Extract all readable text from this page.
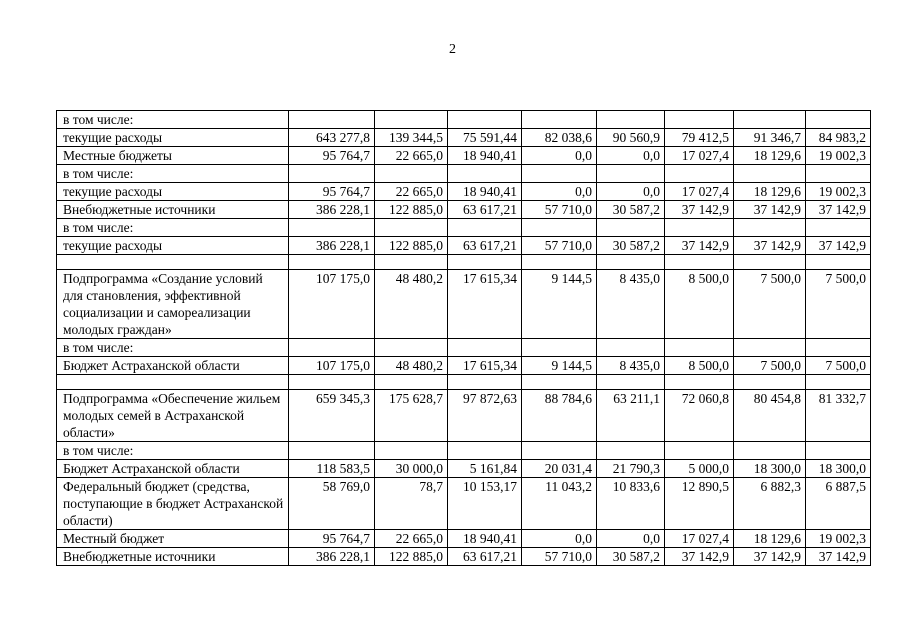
2
в том числе:								
текущие расходы	643 277,8	139 344,5	75 591,44	82 038,6	90 560,9	79 412,5	91 346,7	84 983,2
Местные бюджеты	95 764,7	22 665,0	18 940,41	0,0	0,0	17 027,4	18 129,6	19 002,3
в том числе:								
текущие расходы	95 764,7	22 665,0	18 940,41	0,0	0,0	17 027,4	18 129,6	19 002,3
Внебюджетные источники	386 228,1	122 885,0	63 617,21	57 710,0	30 587,2	37 142,9	37 142,9	37 142,9
в том числе:								
текущие расходы	386 228,1	122 885,0	63 617,21	57 710,0	30 587,2	37 142,9	37 142,9	37 142,9

Подпрограмма «Создание условий для становления, эффективной социализации и самореализации молодых граждан»	107 175,0	48 480,2	17 615,34	9 144,5	8 435,0	8 500,0	7 500,0	7 500,0
в том числе:								
Бюджет Астраханской области	107 175,0	48 480,2	17 615,34	9 144,5	8 435,0	8 500,0	7 500,0	7 500,0

Подпрограмма «Обеспечение жильем молодых семей в Астраханской области»	659 345,3	175 628,7	97 872,63	88 784,6	63 211,1	72 060,8	80 454,8	81 332,7
в том числе:								
Бюджет Астраханской области	118 583,5	30 000,0	5 161,84	20 031,4	21 790,3	5 000,0	18 300,0	18 300,0
Федеральный бюджет (средства, поступающие в бюджет Астраханской области)	58 769,0	78,7	10 153,17	11 043,2	10 833,6	12 890,5	6 882,3	6 887,5
Местный бюджет	95 764,7	22 665,0	18 940,41	0,0	0,0	17 027,4	18 129,6	19 002,3
Внебюджетные источники	386 228,1	122 885,0	63 617,21	57 710,0	30 587,2	37 142,9	37 142,9	37 142,9
